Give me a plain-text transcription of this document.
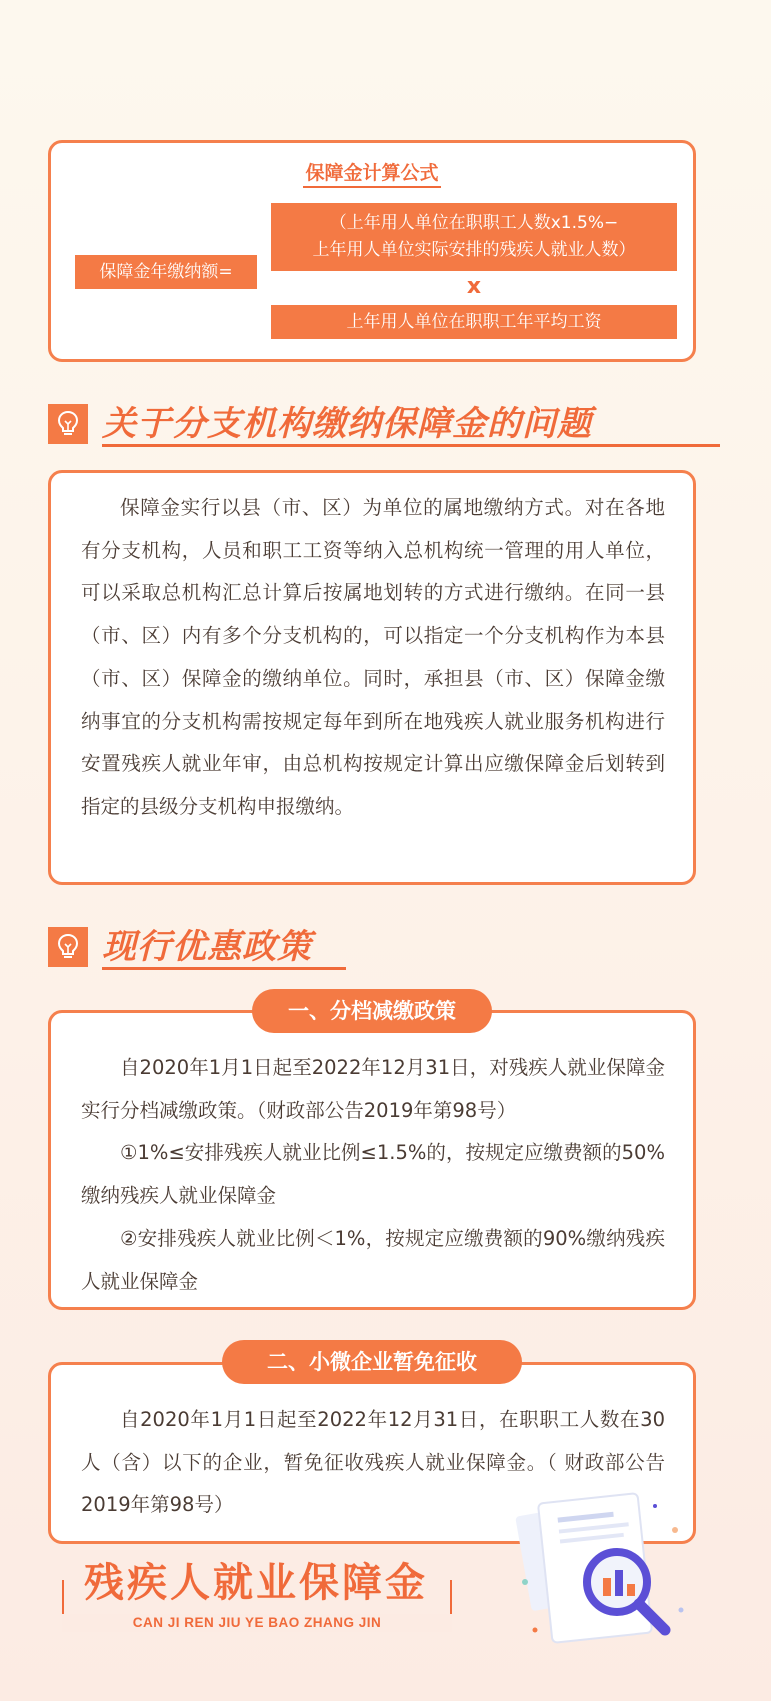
保障金计算公式
保障金年缴纳额=
（上年用人单位在职职工人数x1.5%−
上年用人单位实际安排的残疾人就业人数）
x
上年用人单位在职职工年平均工资
关于分支机构缴纳保障金的问题

保障金实行以县（市、区）为单位的属地缴纳方式。对在各地有分支机构，人员和职工工资等纳入总机构统一管理的用人单位，可以采取总机构汇总计算后按属地划转的方式进行缴纳。在同一县（市、区）内有多个分支机构的，可以指定一个分支机构作为本县（市、区）保障金的缴纳单位。同时，承担县（市、区）保障金缴纳事宜的分支机构需按规定每年到所在地残疾人就业服务机构进行安置残疾人就业年审，由总机构按规定计算出应缴保障金后划转到指定的县级分支机构申报缴纳。

现行优惠政策

自2020年1月1日起至2022年12月31日，对残疾人就业保障金实行分档减缴政策。（财政部公告2019年第98号）

①1%≤安排残疾人就业比例≤1.5%的，按规定应缴费额的50%缴纳残疾人就业保障金

②安排残疾人就业比例＜1%，按规定应缴费额的90%缴纳残疾人就业保障金

一、分档减缴政策

自2020年1月1日起至2022年12月31日，在职职工人数在30人（含）以下的企业，暂免征收残疾人就业保障金。（ 财政部公告2019年第98号）

二、小微企业暂免征收
残疾人就业保障金
CAN JI REN JIU YE BAO ZHANG JIN
